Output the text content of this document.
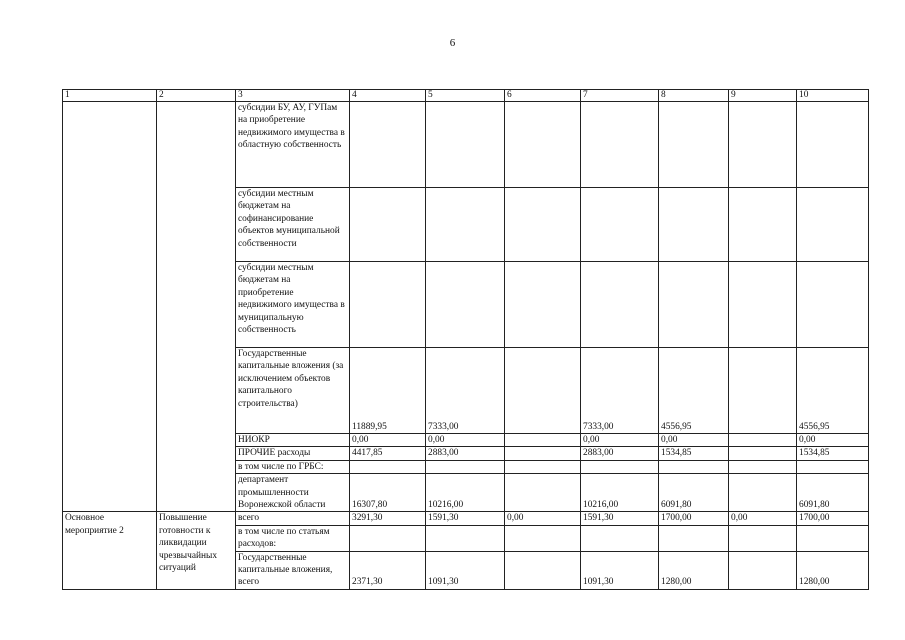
6
1	2	3	4	5	6	7	8	9	10
		субсидии БУ, АУ, ГУПам на приобретение недвижимого имущества в областную собственность							
		субсидии местным бюджетам на софинансирование объектов муниципальной собственности							
		субсидии местным бюджетам на приобретение недвижимого имущества в муниципальную собственность							
		Государственные капитальные вложения (за исключением объектов капитального строительства)	11889,95	7333,00		7333,00	4556,95		4556,95
		НИОКР	0,00	0,00		0,00	0,00		0,00
		ПРОЧИЕ расходы	4417,85	2883,00		2883,00	1534,85		1534,85
		в том числе по ГРБС:							
		департамент промышленности Воронежской области	16307,80	10216,00		10216,00	6091,80		6091,80
Основное мероприятие 2	Повышение готовности к ликвидации чрезвычайных ситуаций	всего	3291,30	1591,30	0,00	1591,30	1700,00	0,00	1700,00
		в том числе по статьям расходов:							
		Государственные капитальные вложения, всего	2371,30	1091,30		1091,30	1280,00		1280,00
